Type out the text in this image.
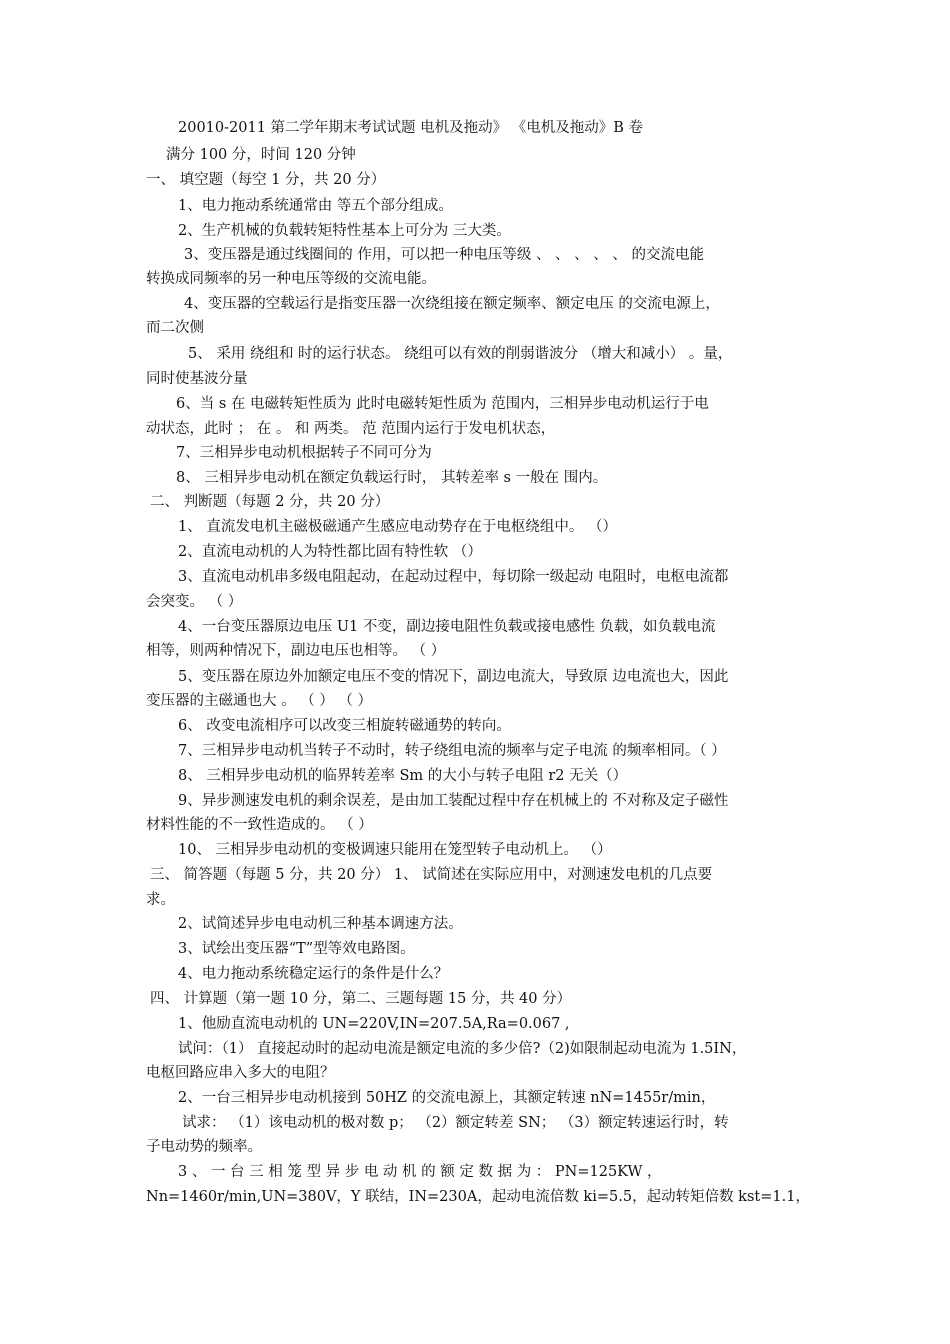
20010-2011 第二学年期末考试试题 电机及拖动》 《电机及拖动》B 卷
满分 100 分，时间 120 分钟
一、 填空题（每空 1 分，共 20 分）
1、电力拖动系统通常由 等五个部分组成。
2、生产机械的负载转矩特性基本上可分为 三大类。
3、变压器是通过线圈间的 作用，可以把一种电压等级 、 、 、 、 、 的交流电能
转换成同频率的另一种电压等级的交流电能。
4、变压器的空载运行是指变压器一次绕组接在额定频率、额定电压 的交流电源上，
而二次侧
5、 采用 绕组和 时的运行状态。 绕组可以有效的削弱谐波分 （增大和减小） 。量，
同时使基波分量
6、当 s 在 电磁转矩性质为 此时电磁转矩性质为 范围内，三相异步电动机运行于电
动状态，此时 ； 在 。 和 两类。 范 范围内运行于发电机状态，
7、三相异步电动机根据转子不同可分为
8、 三相异步电动机在额定负载运行时， 其转差率 s 一般在 围内。
二、 判断题（每题 2 分，共 20 分）
1、 直流发电机主磁极磁通产生感应电动势存在于电枢绕组中。 （）
2、直流电动机的人为特性都比固有特性软 （）
3、直流电动机串多级电阻起动，在起动过程中，每切除一级起动 电阻时，电枢电流都
会突变。 （ ）
4、一台变压器原边电压 U1 不变，副边接电阻性负载或接电感性 负载，如负载电流
相等，则两种情况下，副边电压也相等。 （ ）
5、变压器在原边外加额定电压不变的情况下，副边电流大，导致原 边电流也大，因此
变压器的主磁通也大 。 （ ） （ ）
6、 改变电流相序可以改变三相旋转磁通势的转向。
7、三相异步电动机当转子不动时，转子绕组电流的频率与定子电流 的频率相同。（ ）
8、 三相异步电动机的临界转差率 Sm 的大小与转子电阻 r2 无关（）
9、异步测速发电机的剩余误差，是由加工装配过程中存在机械上的 不对称及定子磁性
材料性能的不一致性造成的。 （ ）
10、 三相异步电动机的变极调速只能用在笼型转子电动机上。 （）
三、 简答题（每题 5 分，共 20 分） 1、 试简述在实际应用中，对测速发电机的几点要
求。
2、试简述异步电电动机三种基本调速方法。
3、试绘出变压器“T”型等效电路图。
4、电力拖动系统稳定运行的条件是什么？
四、 计算题（第一题 10 分，第二、三题每题 15 分，共 40 分）
1、他励直流电动机的 UN=220V,IN=207.5A,Ra=0.067 ,
试问：（1） 直接起动时的起动电流是额定电流的多少倍?（2)如限制起动电流为 1.5IN，
电枢回路应串入多大的电阻？
2、一台三相异步电动机接到 50HZ 的交流电源上，其额定转速 nN=1455r/min，
试求： （1）该电动机的极对数 p； （2）额定转差 SN； （3）额定转速运行时，转
子电动势的频率。
3 、 一 台 三 相 笼 型 异 步 电 动 机 的 额 定 数 据 为 ： PN=125KW ，
Nn=1460r/min,UN=380V，Y 联结，IN=230A，起动电流倍数 ki=5.5，起动转矩倍数 kst=1.1，
